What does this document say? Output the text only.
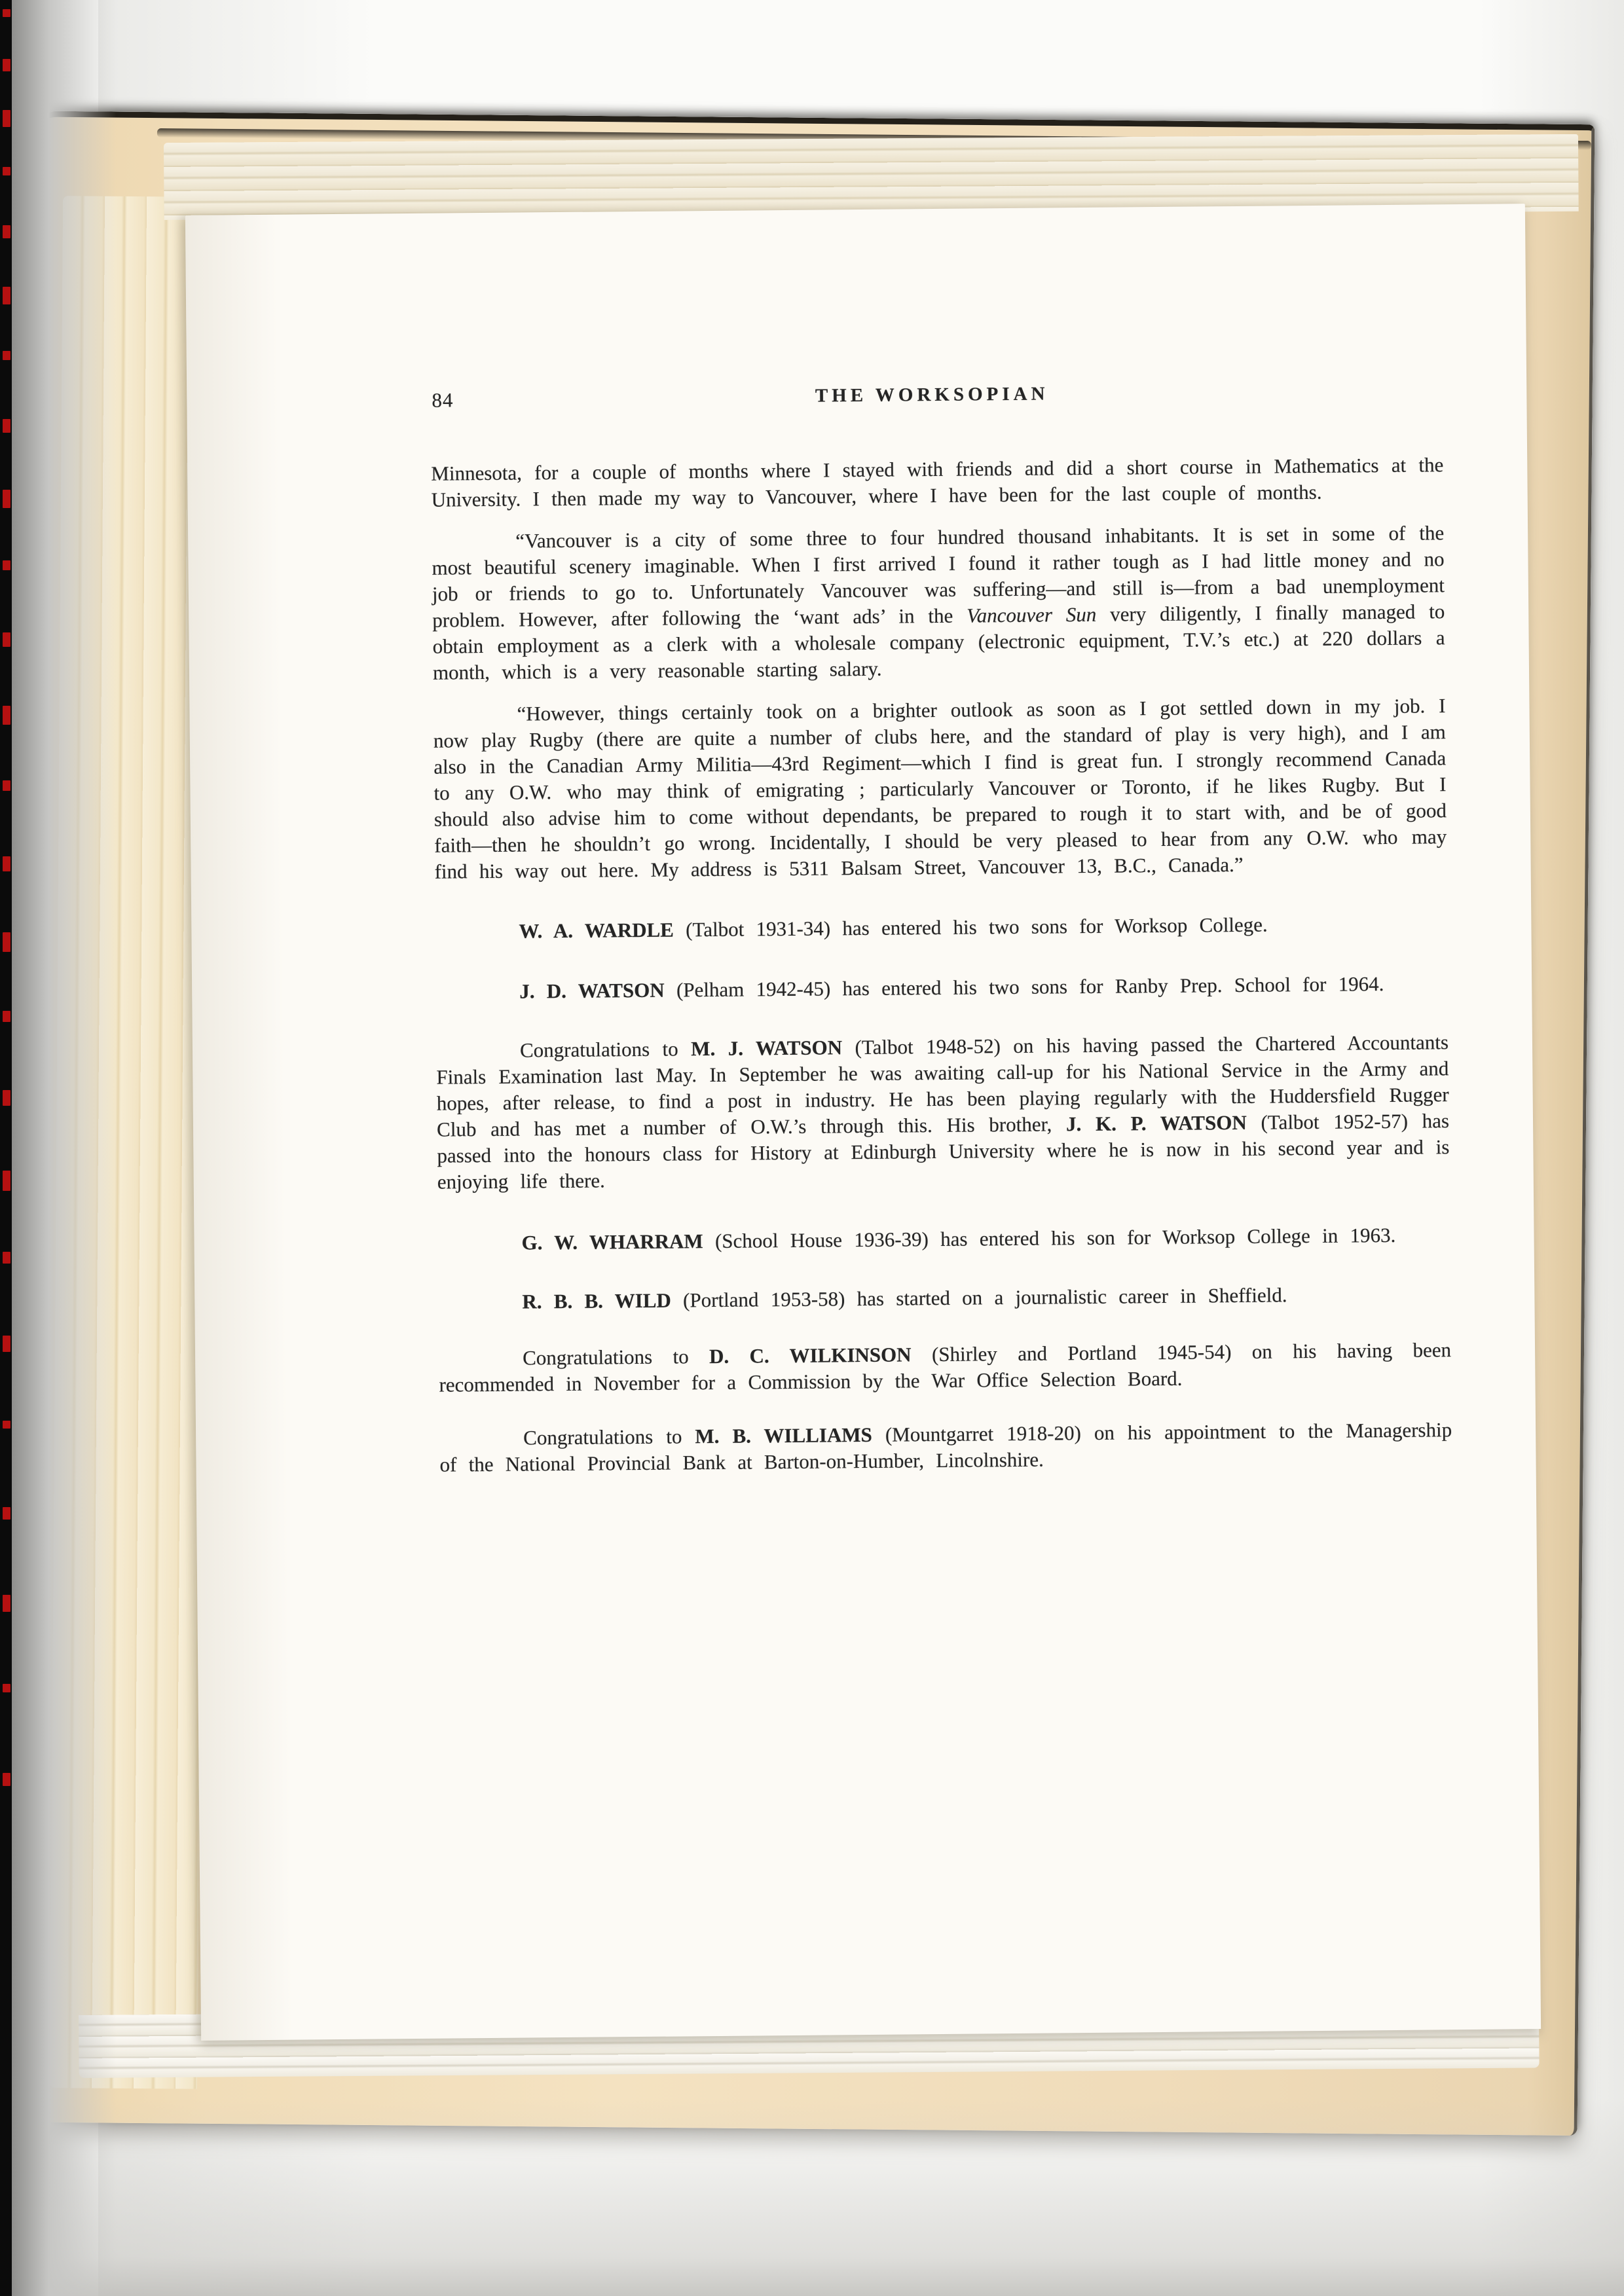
84	THE WORKSOPIAN

Minnesota, for a couple of months where I stayed with friends and did a short course in Mathematics at the University. I then made my way to Vancouver, where I have been for the last couple of months.

“Vancouver is a city of some three to four hundred thousand inhabitants. It is set in some of the most beautiful scenery imaginable. When I first arrived I found it rather tough as I had little money and no job or friends to go to. Unfortunately Vancouver was suffering—and still is—from a bad unemployment problem. However, after following the ‘want ads’ in the Vancouver Sun very diligently, I finally managed to obtain employment as a clerk with a wholesale company (electronic equipment, T.V.’s etc.) at 220 dollars a month, which is a very reasonable starting salary.

“However, things certainly took on a brighter outlook as soon as I got settled down in my job. I now play Rugby (there are quite a number of clubs here, and the standard of play is very high), and I am also in the Canadian Army Militia—43rd Regiment—which I find is great fun. I strongly recommend Canada to any O.W. who may think of emigrating ; particularly Vancouver or Toronto, if he likes Rugby. But I should also advise him to come without dependants, be prepared to rough it to start with, and be of good faith—then he shouldn’t go wrong. Incidentally, I should be very pleased to hear from any O.W. who may find his way out here. My address is 5311 Balsam Street, Vancouver 13, B.C., Canada.”

W. A. WARDLE (Talbot 1931-34) has entered his two sons for Worksop College.

J. D. WATSON (Pelham 1942-45) has entered his two sons for Ranby Prep. School for 1964.

Congratulations to M. J. WATSON (Talbot 1948-52) on his having passed the Chartered Accountants Finals Examination last May. In September he was awaiting call-up for his National Service in the Army and hopes, after release, to find a post in industry. He has been playing regularly with the Huddersfield Rugger Club and has met a number of O.W.’s through this. His brother, J. K. P. WATSON (Talbot 1952-57) has passed into the honours class for History at Edinburgh University where he is now in his second year and is enjoying life there.

G. W. WHARRAM (School House 1936-39) has entered his son for Worksop College in 1963.

R. B. B. WILD (Portland 1953-58) has started on a journalistic career in Sheffield.

Congratulations to D. C. WILKINSON (Shirley and Portland 1945-54) on his having been recommended in November for a Commission by the War Office Selection Board.

Congratulations to M. B. WILLIAMS (Mountgarret 1918-20) on his appointment to the Managership of the National Provincial Bank at Barton-on-Humber, Lincolnshire.
